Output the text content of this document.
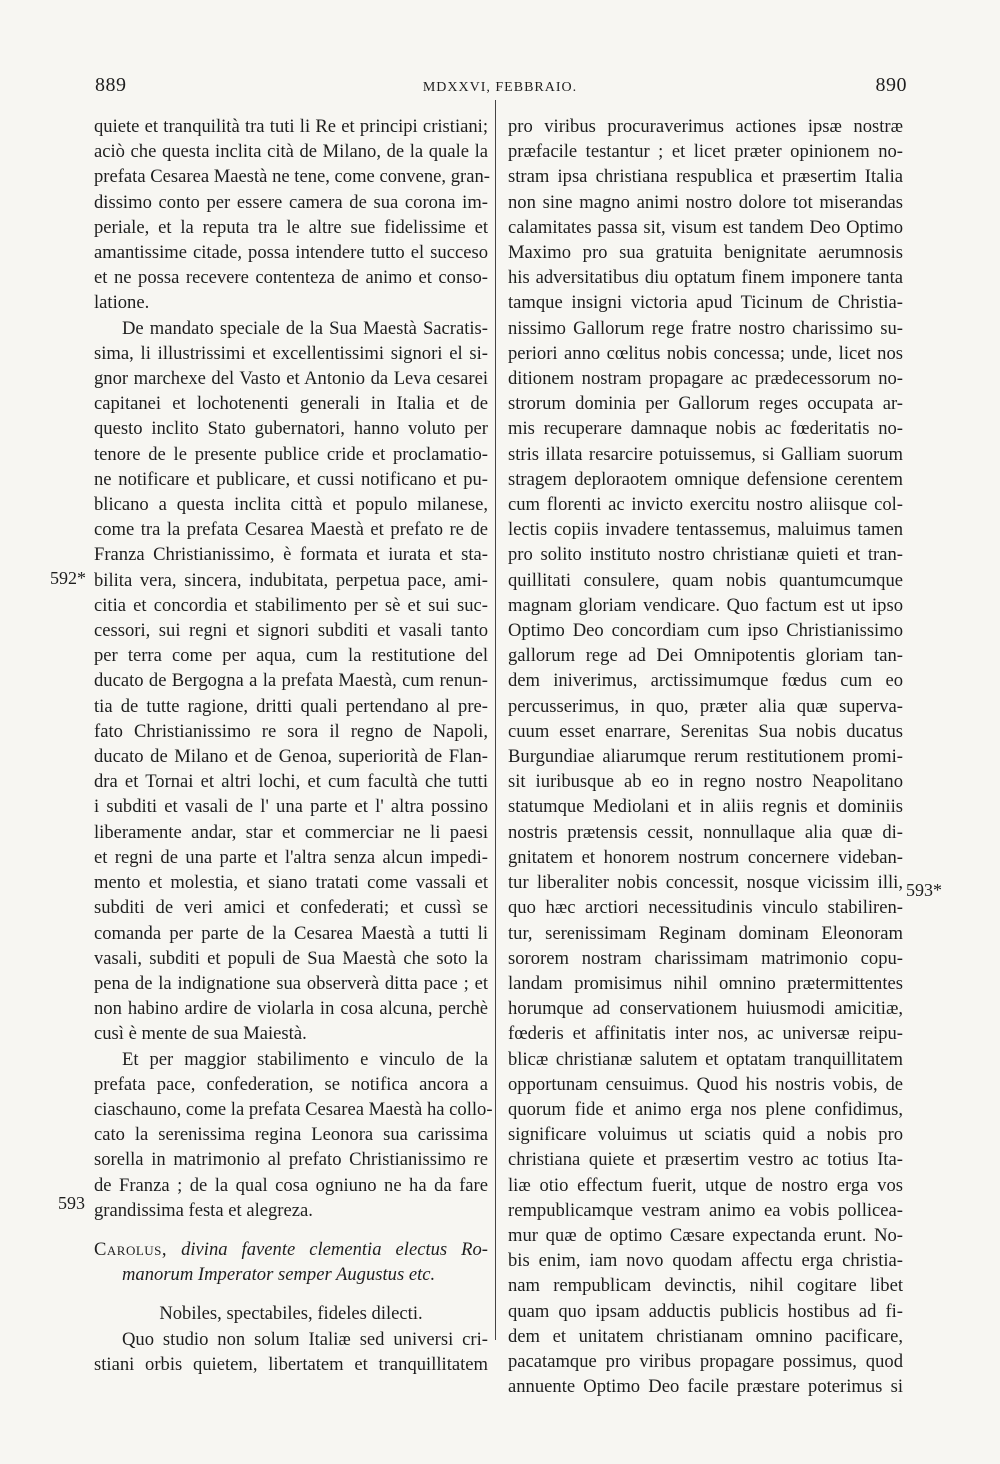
889	MDXXVI, FEBBRAIO.	890
592*
593
593*
quiete et tranquilità tra tuti li Re et principi cristiani;
aciò che questa inclita cità de Milano, de la quale la
prefata Cesarea Maestà ne tene, come convene, gran-
dissimo conto per essere camera de sua corona im-
periale, et la reputa tra le altre sue fidelissime et
amantissime citade, possa intendere tutto el succeso
et ne possa recevere contenteza de animo et conso-
latione.
De mandato speciale de la Sua Maestà Sacratis-
sima, li illustrissimi et excellentissimi signori el si-
gnor marchexe del Vasto et Antonio da Leva cesarei
capitanei et lochotenenti generali in Italia et de
questo inclito Stato gubernatori, hanno voluto per
tenore de le presente publice cride et proclamatio-
ne notificare et publicare, et cussi notificano et pu-
blicano a questa inclita città et populo milanese,
come tra la prefata Cesarea Maestà et prefato re de
Franza Christianissimo, è formata et iurata et sta-
bilita vera, sincera, indubitata, perpetua pace, ami-
citia et concordia et stabilimento per sè et sui suc-
cessori, sui regni et signori subditi et vasali tanto
per terra come per aqua, cum la restitutione del
ducato de Bergogna a la prefata Maestà, cum renun-
tia de tutte ragione, dritti quali pertendano al pre-
fato Christianissimo re sora il regno de Napoli,
ducato de Milano et de Genoa, superiorità de Flan-
dra et Tornai et altri lochi, et cum facultà che tutti
i subditi et vasali de l' una parte et l' altra possino
liberamente andar, star et commerciar ne li paesi
et regni de una parte et l'altra senza alcun impedi-
mento et molestia, et siano tratati come vassali et
subditi de veri amici et confederati; et cussì se
comanda per parte de la Cesarea Maestà a tutti li
vasali, subditi et populi de Sua Maestà che soto la
pena de la indignatione sua observerà ditta pace ; et
non habino ardire de violarla in cosa alcuna, perchè
cusì è mente de sua Maiestà.
Et per maggior stabilimento e vinculo de la
prefata pace, confederation, se notifica ancora a
ciaschauno, come la prefata Cesarea Maestà ha collo-
cato la serenissima regina Leonora sua carissima
sorella in matrimonio al prefato Christianissimo re
de Franza ; de la qual cosa ogniuno ne ha da fare
grandissima festa et alegreza.
Carolus, divina favente clementia electus Ro-
manorum Imperator semper Augustus etc.
Nobiles, spectabiles, fideles dilecti.
Quo studio non solum Italiæ sed universi cri-
stiani orbis quietem, libertatem et tranquillitatem
pro viribus procuraverimus actiones ipsæ nostræ
præfacile testantur ; et licet præter opinionem no-
stram ipsa christiana respublica et præsertim Italia
non sine magno animi nostro dolore tot miserandas
calamitates passa sit, visum est tandem Deo Optimo
Maximo pro sua gratuita benignitate aerumnosis
his adversitatibus diu optatum finem imponere tanta
tamque insigni victoria apud Ticinum de Christia-
nissimo Gallorum rege fratre nostro charissimo su-
periori anno cœlitus nobis concessa; unde, licet nos
ditionem nostram propagare ac prædecessorum no-
strorum dominia per Gallorum reges occupata ar-
mis recuperare damnaque nobis ac fœderitatis no-
stris illata resarcire potuissemus, si Galliam suorum
stragem deploraotem omnique defensione cerentem
cum florenti ac invicto exercitu nostro aliisque col-
lectis copiis invadere tentassemus, maluimus tamen
pro solito instituto nostro christianæ quieti et tran-
quillitati consulere, quam nobis quantumcumque
magnam gloriam vendicare. Quo factum est ut ipso
Optimo Deo concordiam cum ipso Christianissimo
gallorum rege ad Dei Omnipotentis gloriam tan-
dem iniverimus, arctissimumque fœdus cum eo
percusserimus, in quo, præter alia quæ superva-
cuum esset enarrare, Serenitas Sua nobis ducatus
Burgundiae aliarumque rerum restitutionem promi-
sit iuribusque ab eo in regno nostro Neapolitano
statumque Mediolani et in aliis regnis et dominiis
nostris prætensis cessit, nonnullaque alia quæ di-
gnitatem et honorem nostrum concernere videban-
tur liberaliter nobis concessit, nosque vicissim illi,
quo hæc arctiori necessitudinis vinculo stabiliren-
tur, serenissimam Reginam dominam Eleonoram
sororem nostram charissimam matrimonio copu-
landam promisimus nihil omnino prætermittentes
horumque ad conservationem huiusmodi amicitiæ,
fœderis et affinitatis inter nos, ac universæ reipu-
blicæ christianæ salutem et optatam tranquillitatem
opportunam censuimus. Quod his nostris vobis, de
quorum fide et animo erga nos plene confidimus,
significare voluimus ut sciatis quid a nobis pro
christiana quiete et præsertim vestro ac totius Ita-
liæ otio effectum fuerit, utque de nostro erga vos
rempublicamque vestram animo ea vobis pollicea-
mur quæ de optimo Cæsare expectanda erunt. No-
bis enim, iam novo quodam affectu erga christia-
nam rempublicam devinctis, nihil cogitare libet
quam quo ipsam adductis publicis hostibus ad fi-
dem et unitatem christianam omnino pacificare,
pacatamque pro viribus propagare possimus, quod
annuente Optimo Deo facile præstare poterimus si
